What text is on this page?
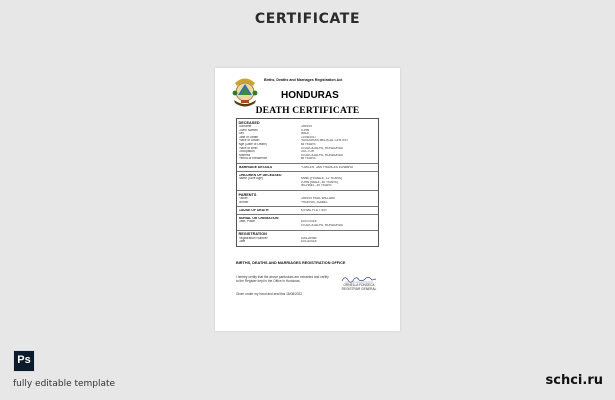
CERTIFICATE
Births, Deaths and Marriages Registration Act
HONDURAS
DEATH CERTIFICATE
DECEASED
Surname	GREEN
Given Names	JOHN
Sex	MALE
Date of Death	01/06/2017
Place of Death	HONDURAS MEDICAL CENTER
Age (Date of Death)	88 YEARS
Place of Birth	TEGUCIGALPA, HONDURAS
Occupation	DOCTOR
Address	TEGUCIGALPA, HONDURAS
Period of Residence	88 YEARS
MARRIAGE DETAILS	FOWLER, JAN FRANCES EDWARD
CHILDREN OF DECEASED
Name (Give Age)	ANNE (FEMALE, 12 YEARS)
JOHN (MALE, 40 YEARS)
MICHAEL, 30 YEARS
PARENTS
Father	GREEN PAUL WILLIAM
Mother	PHOENIX, ISABEL
CAUSE OF DEATH	ATRIAL FLUTTER
BURIAL OR CREMATION
Date, Place	10/07/2018
TEGUCIGALPA, HONDURAS
REGISTRATION
Registration Number	205120985
Date	10/10/2018
BIRTHS, DEATHS AND MARRIAGES REGISTRATION OFFICE
I hereby certify that the above particulars are extracted and certify to the Register kept in the Office in Honduras.
ORNELLA FONSECA
REGISTRAR GENERAL
Given under my hand and seal this 18/08/2022
Ps
fully editable template	schci.ru
